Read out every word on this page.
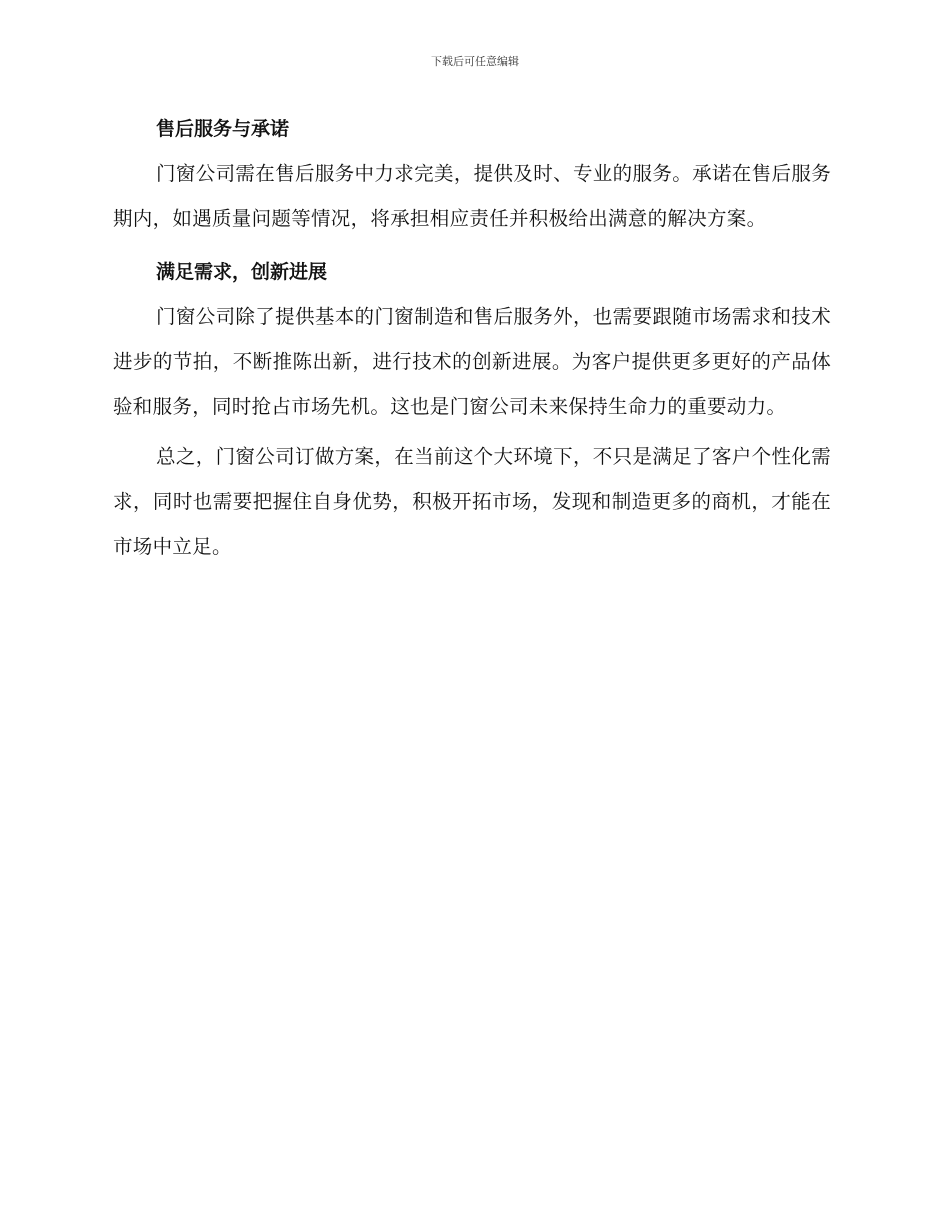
下载后可任意编辑
售后服务与承诺

门窗公司需在售后服务中力求完美，提供及时、专业的服务。承诺在售后服务期内，如遇质量问题等情况，将承担相应责任并积极给出满意的解决方案。

满足需求，创新进展

门窗公司除了提供基本的门窗制造和售后服务外，也需要跟随市场需求和技术进步的节拍，不断推陈出新，进行技术的创新进展。为客户提供更多更好的产品体验和服务，同时抢占市场先机。这也是门窗公司未来保持生命力的重要动力。

总之，门窗公司订做方案，在当前这个大环境下，不只是满足了客户个性化需求，同时也需要把握住自身优势，积极开拓市场，发现和制造更多的商机，才能在市场中立足。
